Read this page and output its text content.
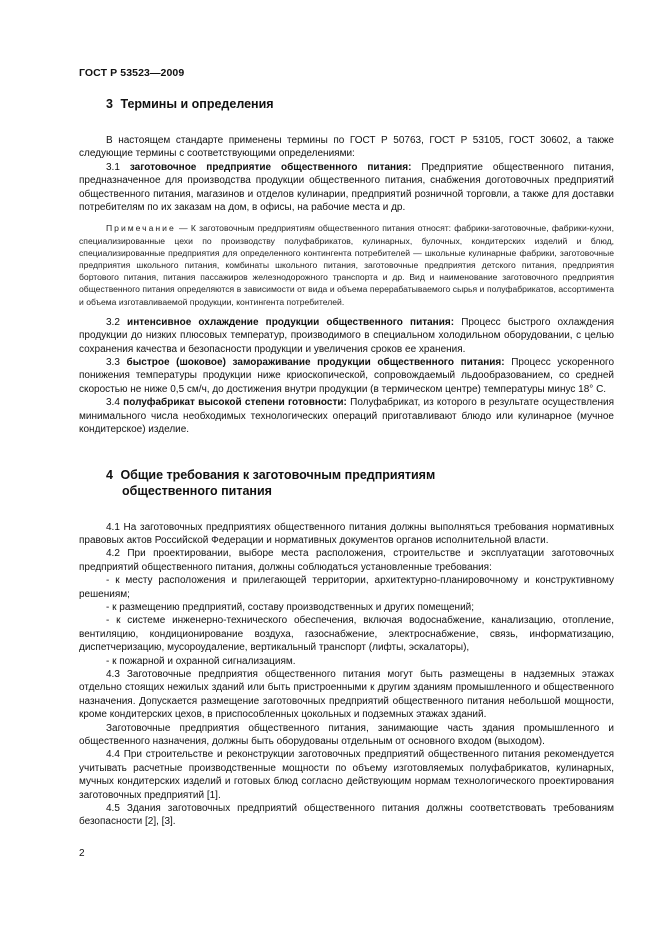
ГОСТ Р 53523—2009
3 Термины и определения

В настоящем стандарте применены термины по ГОСТ Р 50763, ГОСТ Р 53105, ГОСТ 30602, а также следующие термины с соответствующими определениями:

3.1 заготовочное предприятие общественного питания: Предприятие общественного питания, предназначенное для производства продукции общественного питания, снабжения доготовочных предприятий общественного питания, магазинов и отделов кулинарии, предприятий розничной торговли, а также для доставки потребителям по их заказам на дом, в офисы, на рабочие места и др.

Примечание — К заготовочным предприятиям общественного питания относят: фабрики-заготовочные, фабрики-кухни, специализированные цехи по производству полуфабрикатов, кулинарных, булочных, кондитерских изделий и блюд, специализированные предприятия для определенного контингента потребителей — школьные кулинарные фабрики, заготовочные предприятия школьного питания, комбинаты школьного питания, заготовочные предприятия детского питания, предприятия бортового питания, питания пассажиров железнодорожного транспорта и др. Вид и наименование заготовочного предприятия общественного питания определяются в зависимости от вида и объема перерабатываемого сырья и полуфабрикатов, ассортимента и объема изготавливаемой продукции, контингента потребителей.

3.2 интенсивное охлаждение продукции общественного питания: Процесс быстрого охлаждения продукции до низких плюсовых температур, производимого в специальном холодильном оборудовании, с целью сохранения качества и безопасности продукции и увеличения сроков ее хранения.

3.3 быстрое (шоковое) замораживание продукции общественного питания: Процесс ускоренного понижения температуры продукции ниже криоскопической, сопровождаемый льдообразованием, со средней скоростью не ниже 0,5 см/ч, до достижения внутри продукции (в термическом центре) температуры минус 18° С.

3.4 полуфабрикат высокой степени готовности: Полуфабрикат, из которого в результате осуществления минимального числа необходимых технологических операций приготавливают блюдо или кулинарное (мучное кондитерское) изделие.

4 Общие требования к заготовочным предприятиям
общественного питания

4.1 На заготовочных предприятиях общественного питания должны выполняться требования нормативных правовых актов Российской Федерации и нормативных документов органов исполнительной власти.

4.2 При проектировании, выборе места расположения, строительстве и эксплуатации заготовочных предприятий общественного питания, должны соблюдаться установленные требования:

- к месту расположения и прилегающей территории, архитектурно-планировочному и конструктивному решениям;

- к размещению предприятий, составу производственных и других помещений;

- к системе инженерно-технического обеспечения, включая водоснабжение, канализацию, отопление, вентиляцию, кондиционирование воздуха, газоснабжение, электроснабжение, связь, информатизацию, диспетчеризацию, мусороудаление, вертикальный транспорт (лифты, эскалаторы),

- к пожарной и охранной сигнализациям.

4.3 Заготовочные предприятия общественного питания могут быть размещены в надземных этажах отдельно стоящих нежилых зданий или быть пристроенными к другим зданиям промышленного и общественного назначения. Допускается размещение заготовочных предприятий общественного питания небольшой мощности, кроме кондитерских цехов, в приспособленных цокольных и подземных этажах зданий.

Заготовочные предприятия общественного питания, занимающие часть здания промышленного и общественного назначения, должны быть оборудованы отдельным от основного входом (выходом).

4.4 При строительстве и реконструкции заготовочных предприятий общественного питания рекомендуется учитывать расчетные производственные мощности по объему изготовляемых полуфабрикатов, кулинарных, мучных кондитерских изделий и готовых блюд согласно действующим нормам технологического проектирования заготовочных предприятий [1].

4.5 Здания заготовочных предприятий общественного питания должны соответствовать требованиям безопасности [2], [3].

2
